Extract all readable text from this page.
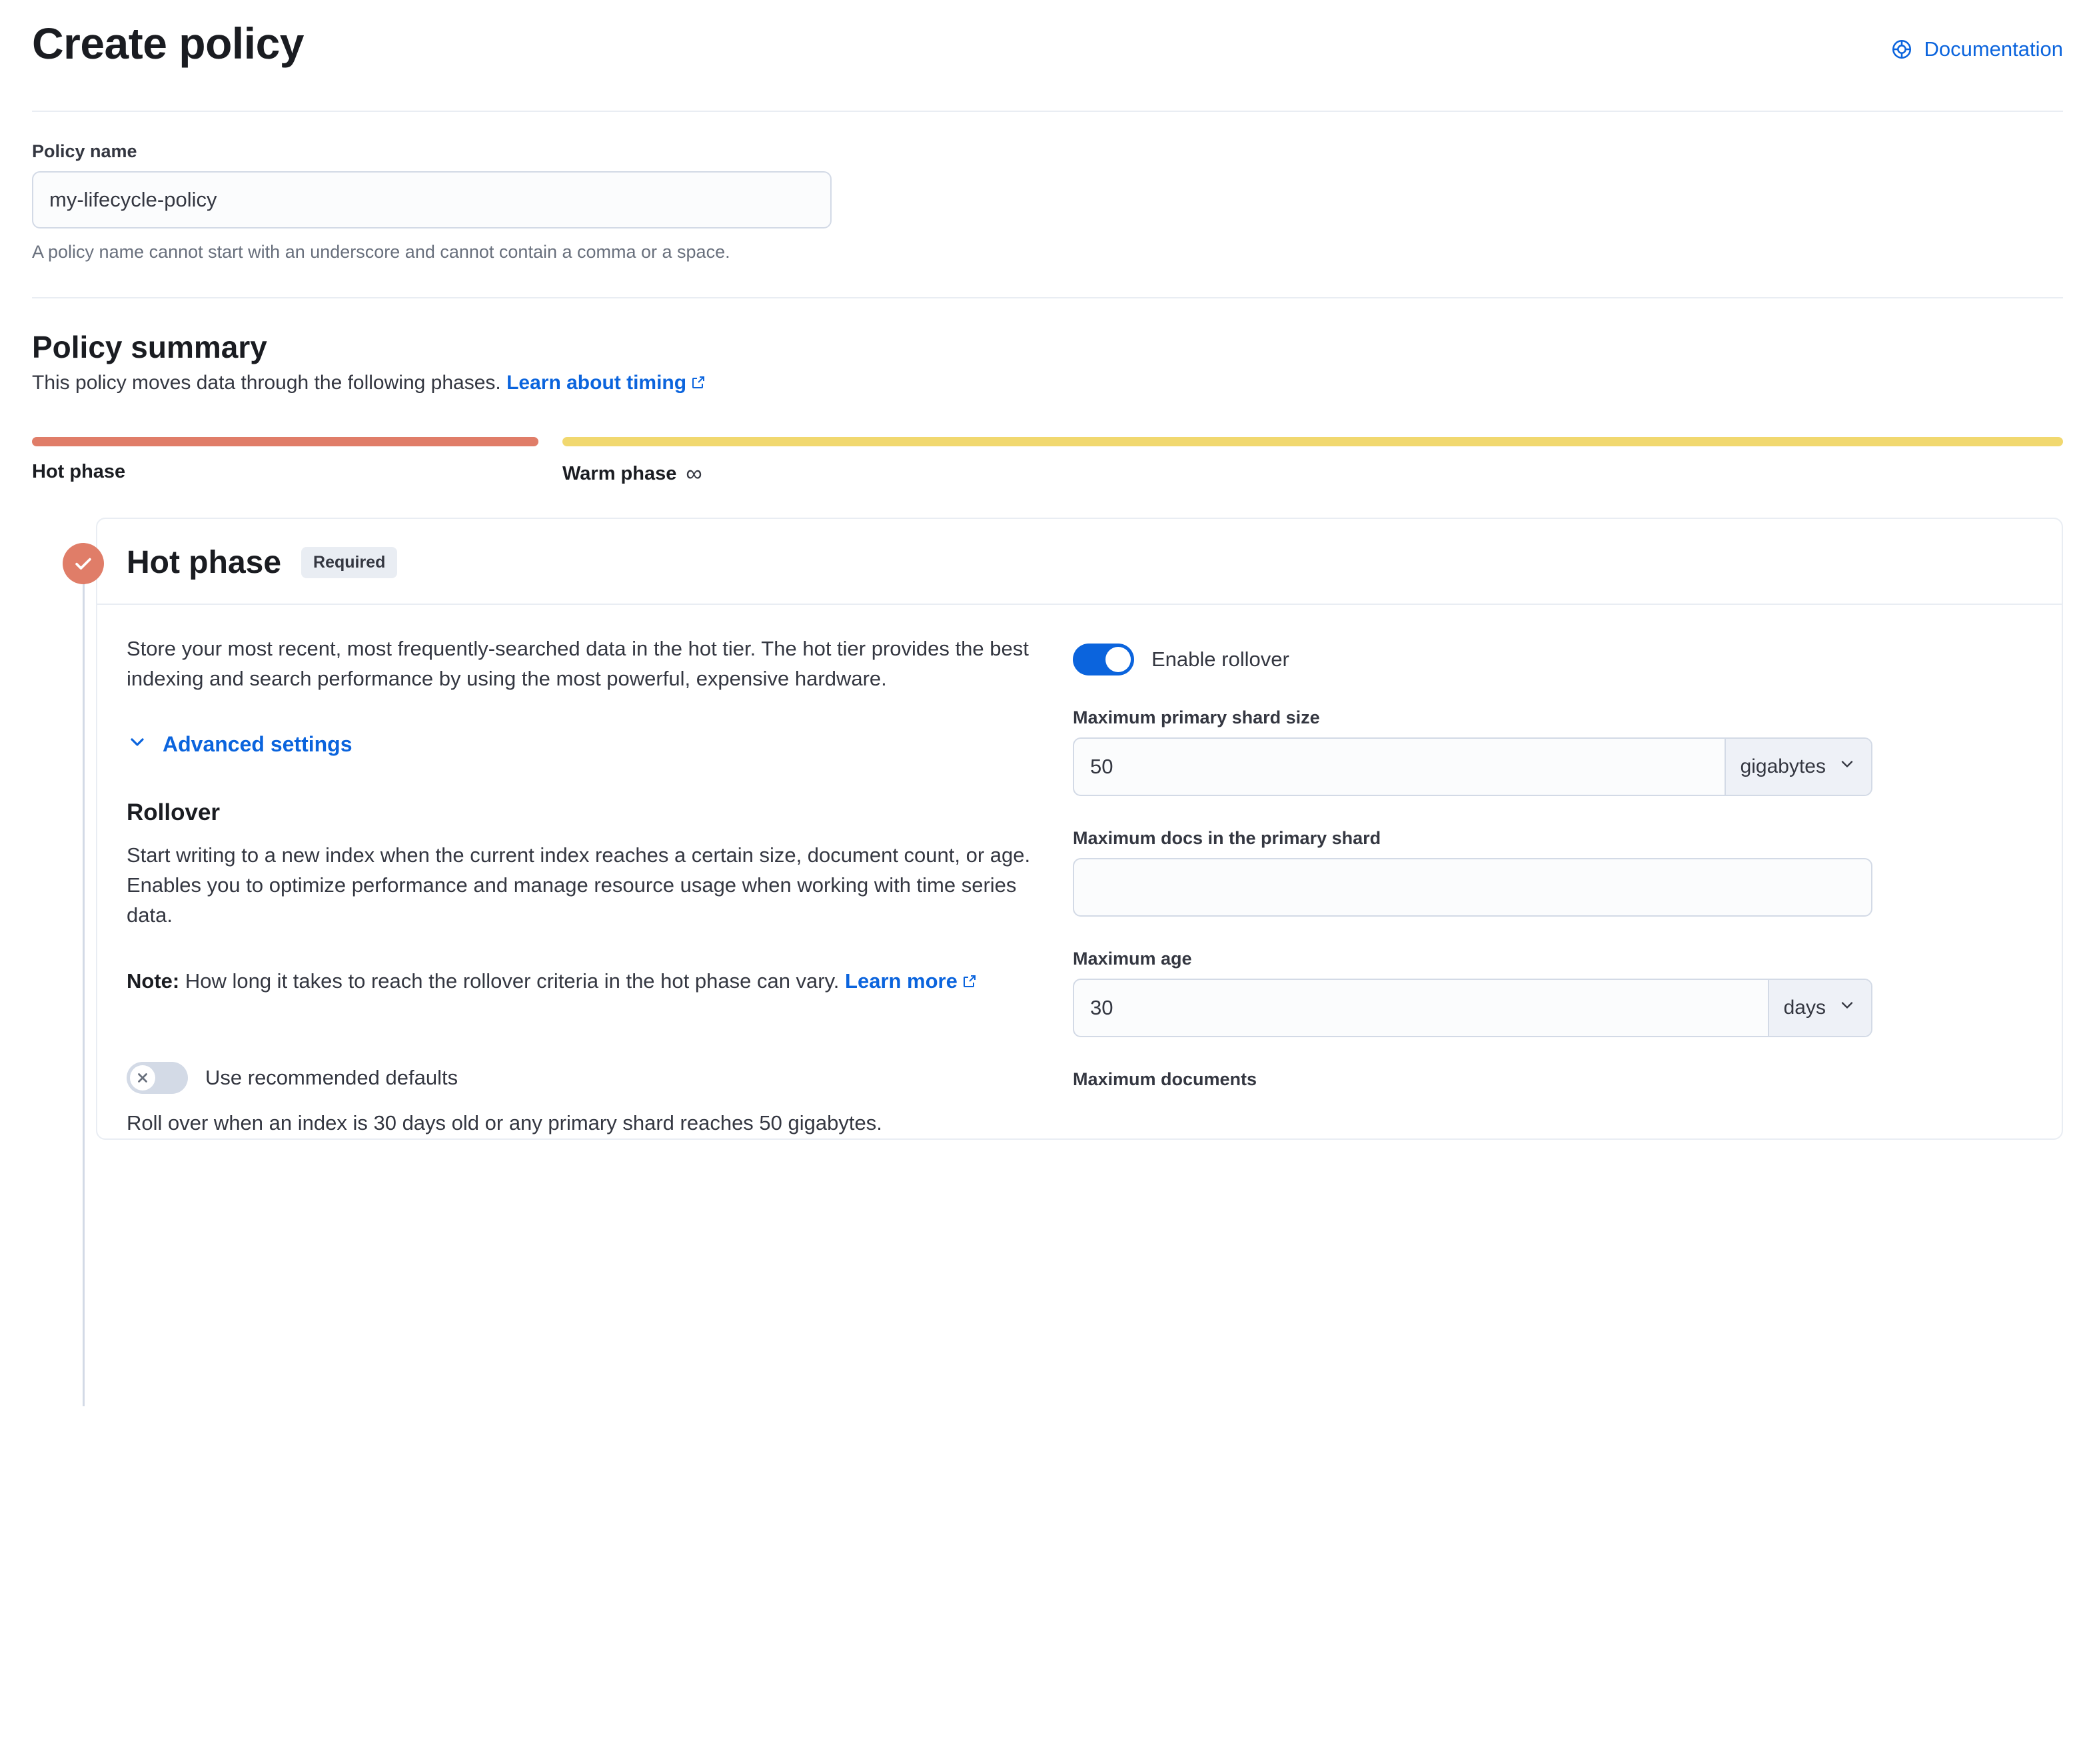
Create policy	Documentation
Policy name
my-lifecycle-policy
A policy name cannot start with an underscore and cannot contain a comma or a space.
Policy summary
This policy moves data through the following phases. Learn about timing
Hot phase	Warm phase ∞
Hot phase	Required
Store your most recent, most frequently-searched data in the hot tier. The hot tier provides the best indexing and search performance by using the most powerful, expensive hardware.
Advanced settings
Rollover
Start writing to a new index when the current index reaches a certain size, document count, or age. Enables you to optimize performance and manage resource usage when working with time series data.
Note: How long it takes to reach the rollover criteria in the hot phase can vary. Learn more
Use recommended defaults
Roll over when an index is 30 days old or any primary shard reaches 50 gigabytes.
Enable rollover
Maximum primary shard size
50
gigabytes
Maximum docs in the primary shard
Maximum age
30
days
Maximum documents
